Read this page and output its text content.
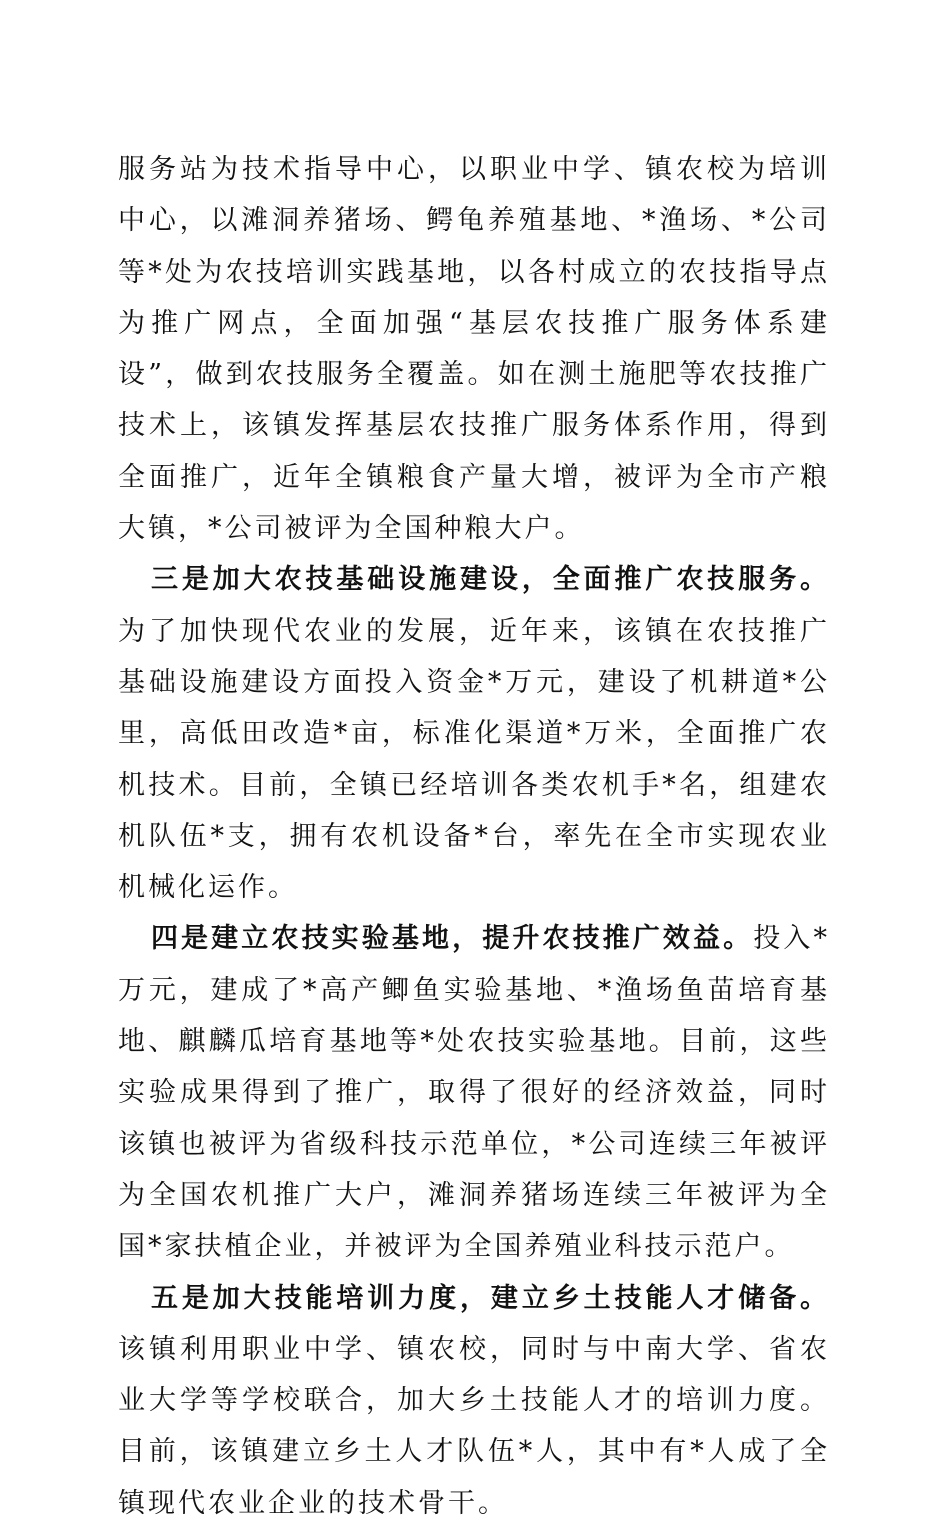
服务站为技术指导中心，以职业中学、镇农校为培训中心，以滩洞养猪场、鳄龟养殖基地、*渔场、*公司等*处为农技培训实践基地，以各村成立的农技指导点为推广网点，全面加强“基层农技推广服务体系建设”，做到农技服务全覆盖。如在测土施肥等农技推广技术上，该镇发挥基层农技推广服务体系作用，得到全面推广，近年全镇粮食产量大增，被评为全市产粮大镇，*公司被评为全国种粮大户。

三是加大农技基础设施建设，全面推广农技服务。为了加快现代农业的发展，近年来，该镇在农技推广基础设施建设方面投入资金*万元，建设了机耕道*公里，高低田改造*亩，标准化渠道*万米，全面推广农机技术。目前，全镇已经培训各类农机手*名，组建农机队伍*支，拥有农机设备*台，率先在全市实现农业机械化运作。

四是建立农技实验基地，提升农技推广效益。投入*万元，建成了*高产鲫鱼实验基地、*渔场鱼苗培育基地、麒麟瓜培育基地等*处农技实验基地。目前，这些实验成果得到了推广，取得了很好的经济效益，同时该镇也被评为省级科技示范单位，*公司连续三年被评为全国农机推广大户，滩洞养猪场连续三年被评为全国*家扶植企业，并被评为全国养殖业科技示范户。

五是加大技能培训力度，建立乡土技能人才储备。该镇利用职业中学、镇农校，同时与中南大学、省农业大学等学校联合，加大乡土技能人才的培训力度。目前，该镇建立乡土人才队伍*人，其中有*人成了全镇现代农业企业的技术骨干。
